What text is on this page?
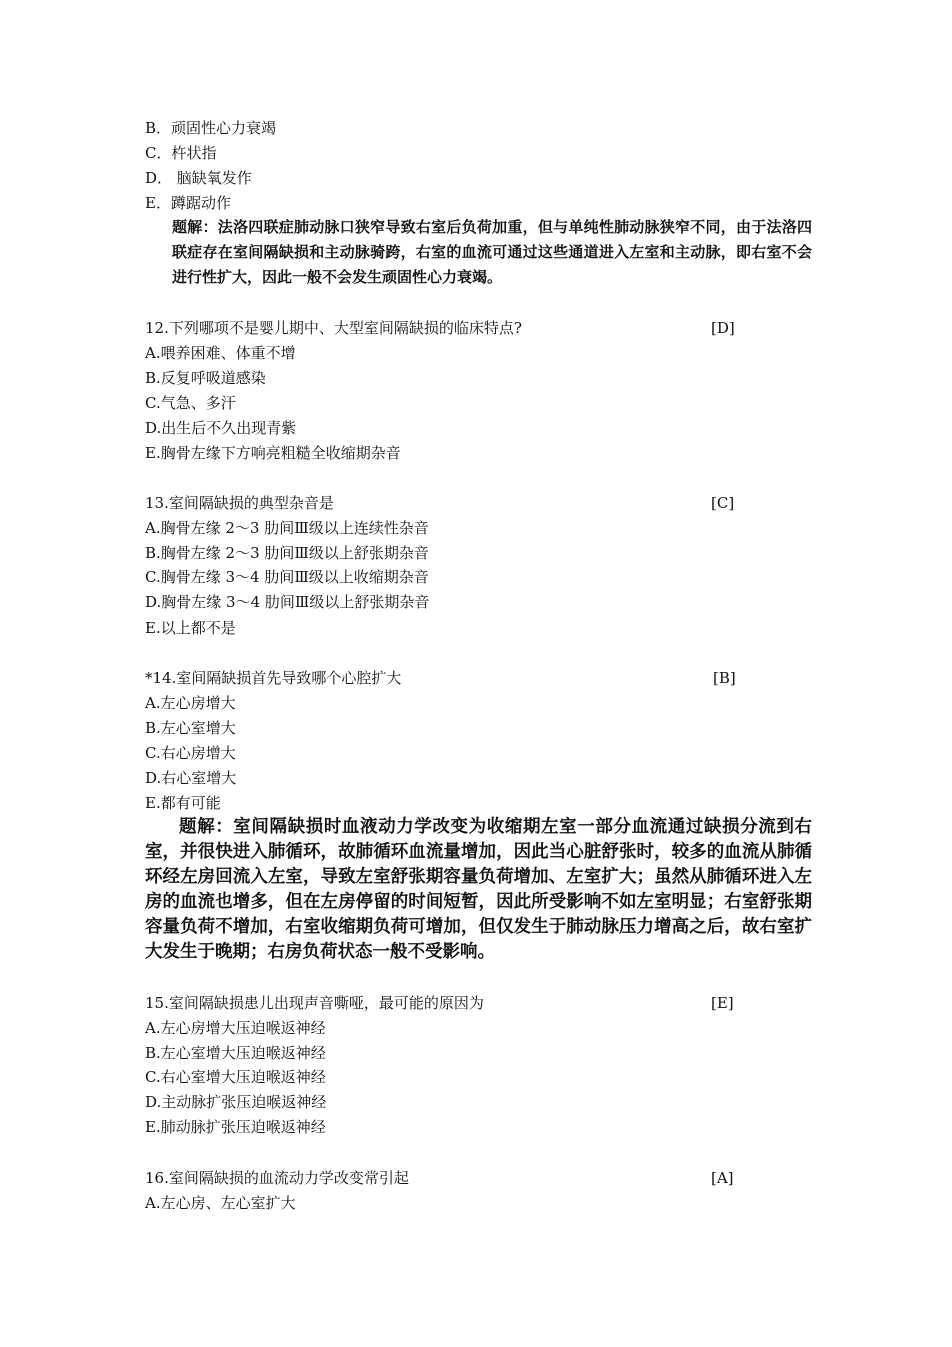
B．顽固性心力衰竭
C．杵状指
D． 脑缺氧发作
E．蹲踞动作
题解：法洛四联症肺动脉口狭窄导致右室后负荷加重，但与单纯性肺动脉狭窄不同，由于法洛四联症存在室间隔缺损和主动脉骑跨，右室的血流可通过这些通道进入左室和主动脉，即右室不会进行性扩大，因此一般不会发生顽固性心力衰竭。
12.下列哪项不是婴儿期中、大型室间隔缺损的临床特点?	[D]
A.喂养困难、体重不增
B.反复呼吸道感染
C.气急、多汗
D.出生后不久出现青紫
E.胸骨左缘下方响亮粗糙全收缩期杂音
13.室间隔缺损的典型杂音是	[C]
A.胸骨左缘 2～3 肋间Ⅲ级以上连续性杂音
B.胸骨左缘 2～3 肋间Ⅲ级以上舒张期杂音
C.胸骨左缘 3～4 肋间Ⅲ级以上收缩期杂音
D.胸骨左缘 3～4 肋间Ⅲ级以上舒张期杂音
E.以上都不是
*14.室间隔缺损首先导致哪个心腔扩大	[B]
A.左心房增大
B.左心室增大
C.右心房增大
D.右心室增大
E.都有可能
题解：室间隔缺损时血液动力学改变为收缩期左室一部分血流通过缺损分流到右室，并很快进入肺循环，故肺循环血流量增加，因此当心脏舒张时，较多的血流从肺循环经左房回流入左室，导致左室舒张期容量负荷增加、左室扩大；虽然从肺循环进入左房的血流也增多，但在左房停留的时间短暂，因此所受影响不如左室明显；右室舒张期容量负荷不增加，右室收缩期负荷可增加，但仅发生于肺动脉压力增高之后，故右室扩大发生于晚期；右房负荷状态一般不受影响。
15.室间隔缺损患儿出现声音嘶哑，最可能的原因为	[E]
A.左心房增大压迫喉返神经
B.左心室增大压迫喉返神经
C.右心室增大压迫喉返神经
D.主动脉扩张压迫喉返神经
E.肺动脉扩张压迫喉返神经
16.室间隔缺损的血流动力学改变常引起	[A]
A.左心房、左心室扩大
